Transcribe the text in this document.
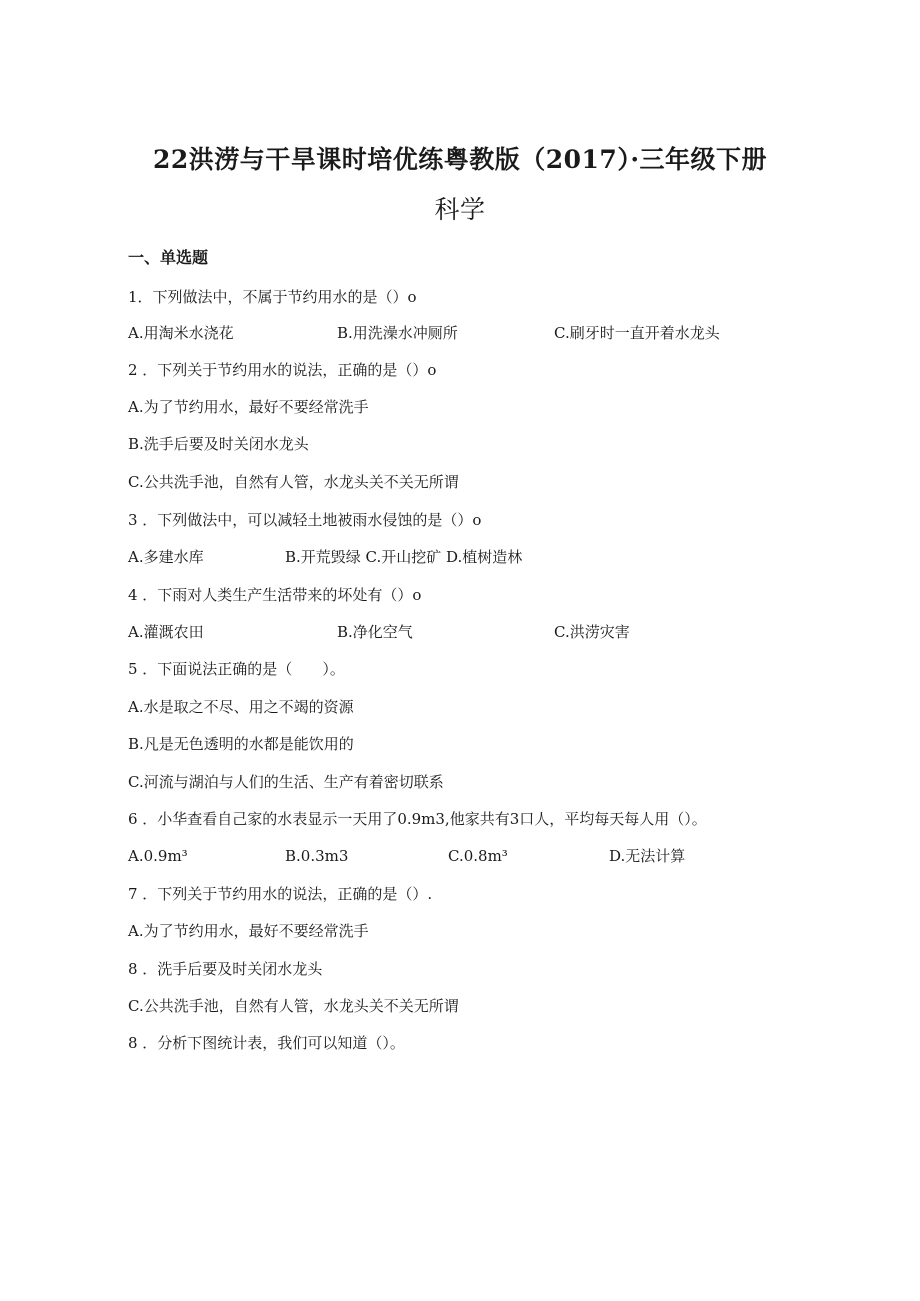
22洪涝与干旱课时培优练粤教版（2017）·三年级下册
科学
一、单选题
1．下列做法中，不属于节约用水的是（）o
A.用淘米水浇花	B.用洗澡水冲厕所	C.刷牙时一直开着水龙头
2 ．下列关于节约用水的说法，正确的是（）o
A.为了节约用水，最好不要经常洗手
B.洗手后要及时关闭水龙头
C.公共洗手池，自然有人管，水龙头关不关无所谓
3 ．下列做法中，可以减轻土地被雨水侵蚀的是（）o
A.多建水库	B.开荒毁绿 C.开山挖矿 D.植树造林
4 ．下雨对人类生产生活带来的坏处有（）o
A.灌溉农田	B.净化空气	C.洪涝灾害
5 ．下面说法正确的是（　　）。
A.水是取之不尽、用之不竭的资源
B.凡是无色透明的水都是能饮用的
C.河流与湖泊与人们的生活、生产有着密切联系
6 ．小华查看自己家的水表显示一天用了0.9m3,他家共有3口人，平均每天每人用（）。
A.0.9m³	B.0.3m3	C.0.8m³	D.无法计算
7 ．下列关于节约用水的说法，正确的是（）.
A.为了节约用水，最好不要经常洗手
8 ．洗手后要及时关闭水龙头
C.公共洗手池，自然有人管，水龙头关不关无所谓
8 ．分析下图统计表，我们可以知道（）。
